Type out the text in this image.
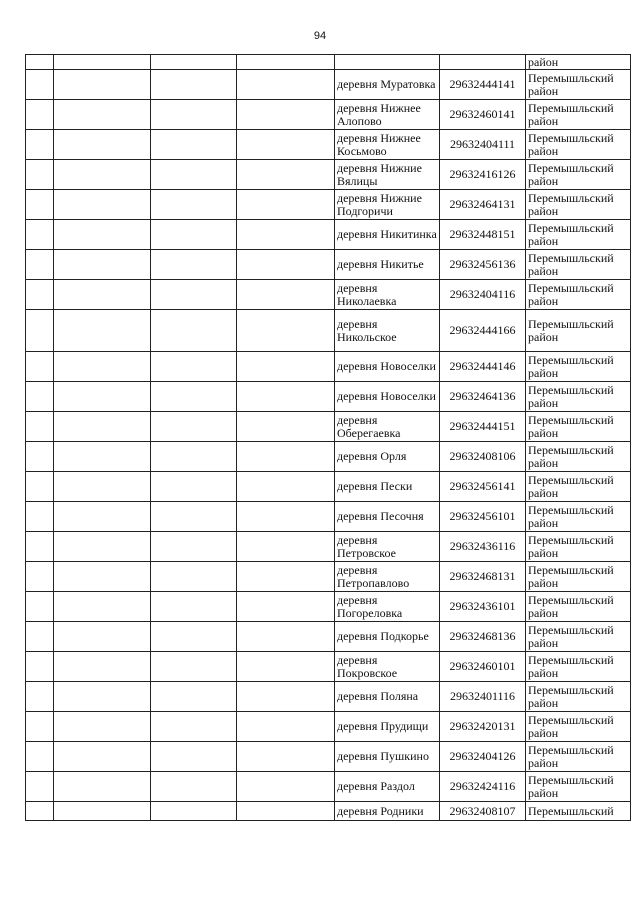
94
						район
				деревня Муратовка	29632444141	Перемышльский район
				деревня Нижнее Алопово	29632460141	Перемышльский район
				деревня Нижнее Косьмово	29632404111	Перемышльский район
				деревня Нижние Вялицы	29632416126	Перемышльский район
				деревня Нижние Подгоричи	29632464131	Перемышльский район
				деревня Никитинка	29632448151	Перемышльский район
				деревня Никитье	29632456136	Перемышльский район
				деревня Николаевка	29632404116	Перемышльский район
				деревня Никольское	29632444166	Перемышльский район
				деревня Новоселки	29632444146	Перемышльский район
				деревня Новоселки	29632464136	Перемышльский район
				деревня Оберегаевка	29632444151	Перемышльский район
				деревня Орля	29632408106	Перемышльский район
				деревня Пески	29632456141	Перемышльский район
				деревня Песочня	29632456101	Перемышльский район
				деревня Петровское	29632436116	Перемышльский район
				деревня Петропавлово	29632468131	Перемышльский район
				деревня Погореловка	29632436101	Перемышльский район
				деревня Подкорье	29632468136	Перемышльский район
				деревня Покровское	29632460101	Перемышльский район
				деревня Поляна	29632401116	Перемышльский район
				деревня Прудищи	29632420131	Перемышльский район
				деревня Пушкино	29632404126	Перемышльский район
				деревня Раздол	29632424116	Перемышльский район
				деревня Родники	29632408107	Перемышльский
